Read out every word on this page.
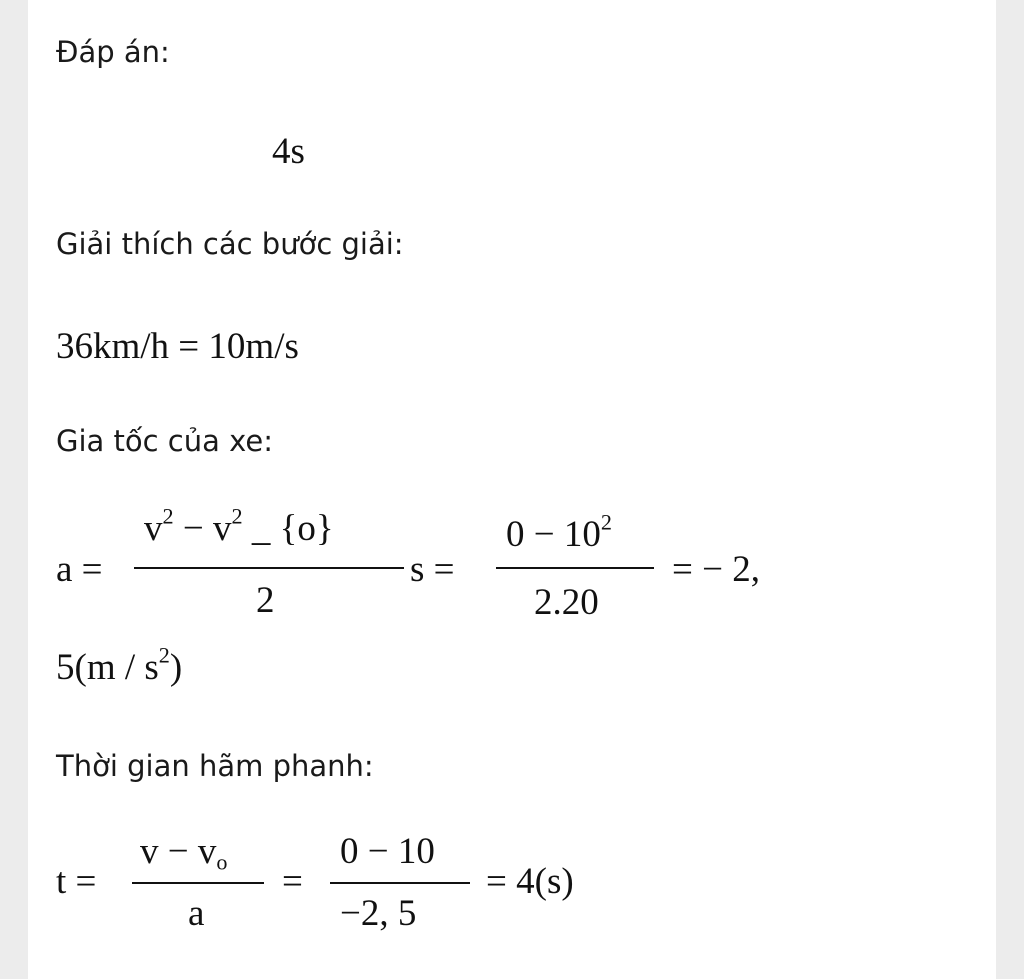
Đáp án:
4s
Giải thích các bước giải:
36km/h = 10m/s
Gia tốc của xe:
a =
$v^2 - v^2$ _ {o}
2
s =
$0 - 10^2$
2.20
= − 2,
$5(m / s^2)$
Thời gian hãm phanh:
t =
$v - v_o$
a
=
0 − 10
−2, 5
= 4(s)
